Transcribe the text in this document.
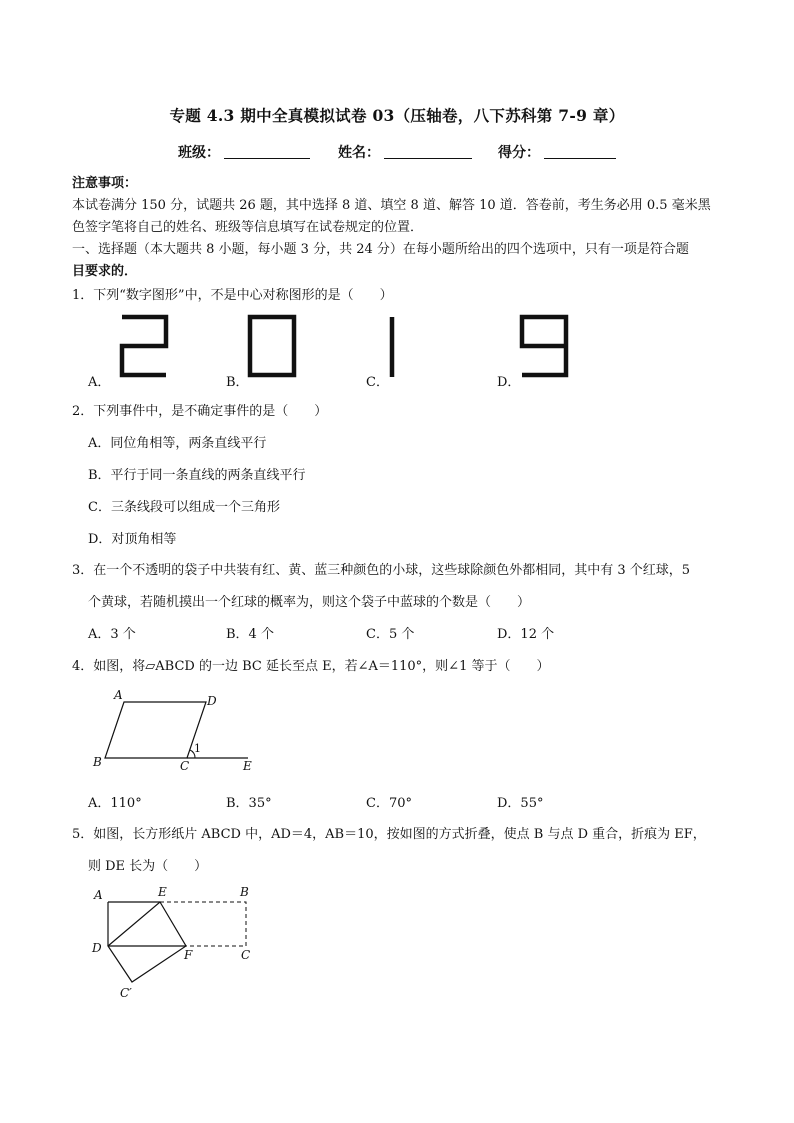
专题 4.3 期中全真模拟试卷 03（压轴卷，八下苏科第 7-9 章）
班级：	姓名：	得分：
注意事项：
本试卷满分 150 分，试题共 26 题，其中选择 8 道、填空 8 道、解答 10 道．答卷前，考生务必用 0.5 毫米黑
色签字笔将自己的姓名、班级等信息填写在试卷规定的位置．
一、选择题（本大题共 8 小题，每小题 3 分，共 24 分）在每小题所给出的四个选项中，只有一项是符合题
目要求的．
1．下列“数字图形”中，不是中心对称图形的是（　　）
A．	B．	C．	D．
2．下列事件中，是不确定事件的是（　　）
A．同位角相等，两条直线平行
B．平行于同一条直线的两条直线平行
C．三条线段可以组成一个三角形
D．对顶角相等
3．在一个不透明的袋子中共装有红、黄、蓝三种颜色的小球，这些球除颜色外都相同，其中有 3 个红球，5
个黄球，若随机摸出一个红球的概率为，则这个袋子中蓝球的个数是（　　）
A．3 个	B．4 个	C．5 个	D．12 个
4．如图，将▱ABCD 的一边 BC 延长至点 E，若∠A＝110°，则∠1 等于（　　）
A	D
B	C	E
1
A．110°	B．35°	C．70°	D．55°
5．如图，长方形纸片 ABCD 中，AD＝4，AB＝10，按如图的方式折叠，使点 B 与点 D 重合，折痕为 EF，
则 DE 长为（　　）
A	E	B
D	F	C
C′
